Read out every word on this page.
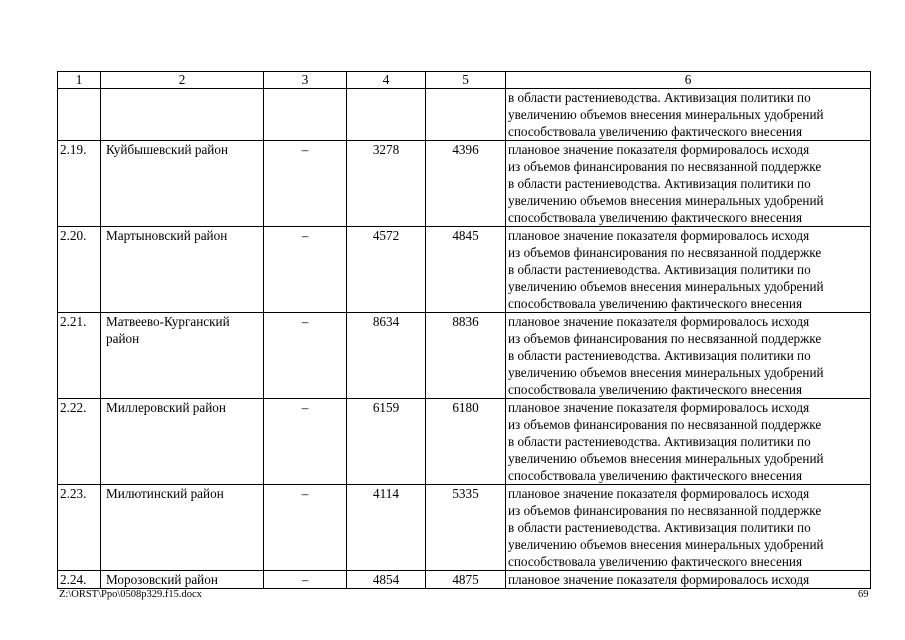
1	2	3	4	5	6

					в области растениеводства. Активизация политики по
увеличению объемов внесения минеральных удобрений
способствовала увеличению фактического внесения

2.19.	Куйбышевский район	–	3278	4396	плановое значение показателя формировалось исходя
из объемов финансирования по несвязанной поддержке
в области растениеводства. Активизация политики по
увеличению объемов внесения минеральных удобрений
способствовала увеличению фактического внесения

2.20.	Мартыновский район	–	4572	4845	плановое значение показателя формировалось исходя
из объемов финансирования по несвязанной поддержке
в области растениеводства. Активизация политики по
увеличению объемов внесения минеральных удобрений
способствовала увеличению фактического внесения

2.21.	Матвеево-Курганский район	–	8634	8836	плановое значение показателя формировалось исходя
из объемов финансирования по несвязанной поддержке
в области растениеводства. Активизация политики по
увеличению объемов внесения минеральных удобрений
способствовала увеличению фактического внесения

2.22.	Миллеровский район	–	6159	6180	плановое значение показателя формировалось исходя
из объемов финансирования по несвязанной поддержке
в области растениеводства. Активизация политики по
увеличению объемов внесения минеральных удобрений
способствовала увеличению фактического внесения

2.23.	Милютинский район	–	4114	5335	плановое значение показателя формировалось исходя
из объемов финансирования по несвязанной поддержке
в области растениеводства. Активизация политики по
увеличению объемов внесения минеральных удобрений
способствовала увеличению фактического внесения

2.24.	Морозовский район	–	4854	4875	плановое значение показателя формировалось исходя
Z:\ORST\Ppo\0508p329.f15.docx	69
